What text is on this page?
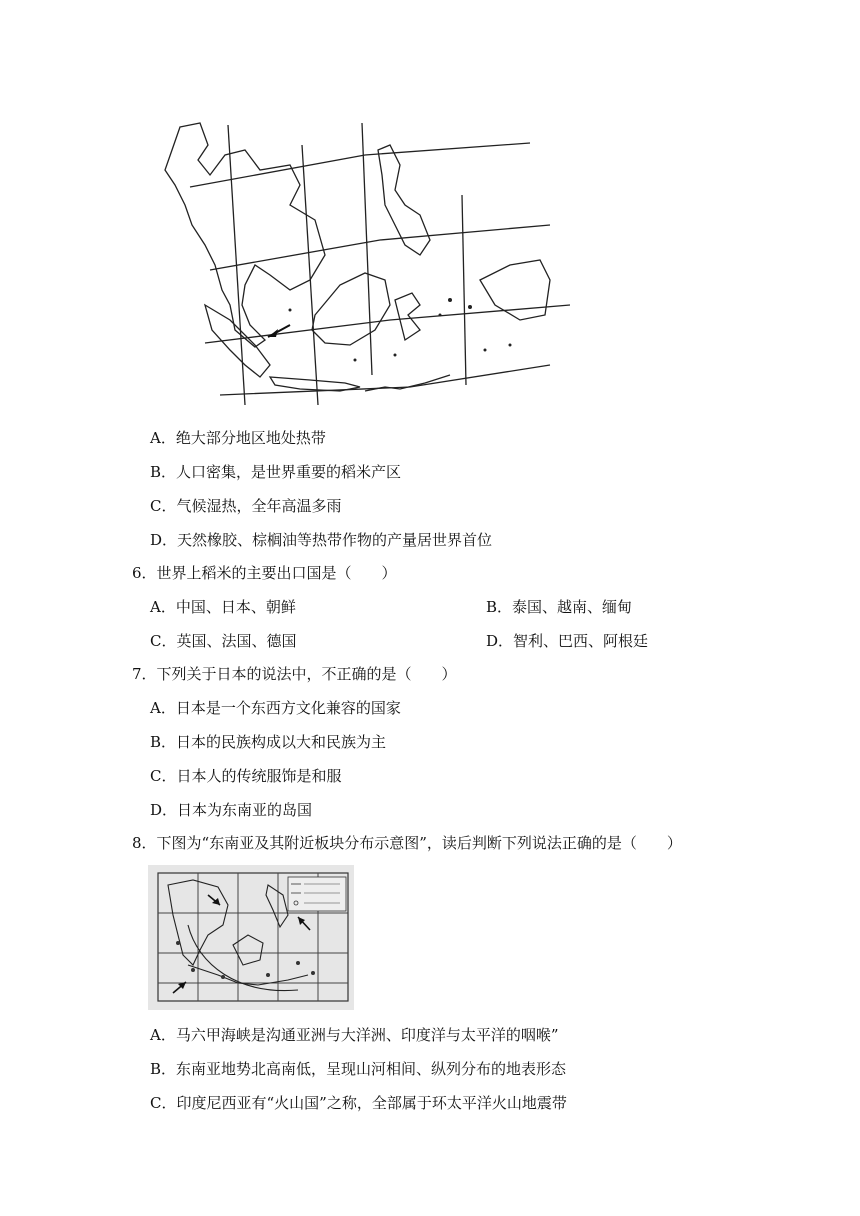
A．绝大部分地区地处热带
B．人口密集，是世界重要的稻米产区
C．气候湿热，全年高温多雨
D．天然橡胶、棕榈油等热带作物的产量居世界首位
6．世界上稻米的主要出口国是（　　）
A．中国、日本、朝鲜	B．泰国、越南、缅甸
C．英国、法国、德国	D．智利、巴西、阿根廷
7．下列关于日本的说法中，不正确的是（　　）
A．日本是一个东西方文化兼容的国家
B．日本的民族构成以大和民族为主
C．日本人的传统服饰是和服
D．日本为东南亚的岛国
8．下图为“东南亚及其附近板块分布示意图”，读后判断下列说法正确的是（　　）
A．马六甲海峡是沟通亚洲与大洋洲、印度洋与太平洋的咽喉”
B．东南亚地势北高南低，呈现山河相间、纵列分布的地表形态
C．印度尼西亚有“火山国”之称，全部属于环太平洋火山地震带
